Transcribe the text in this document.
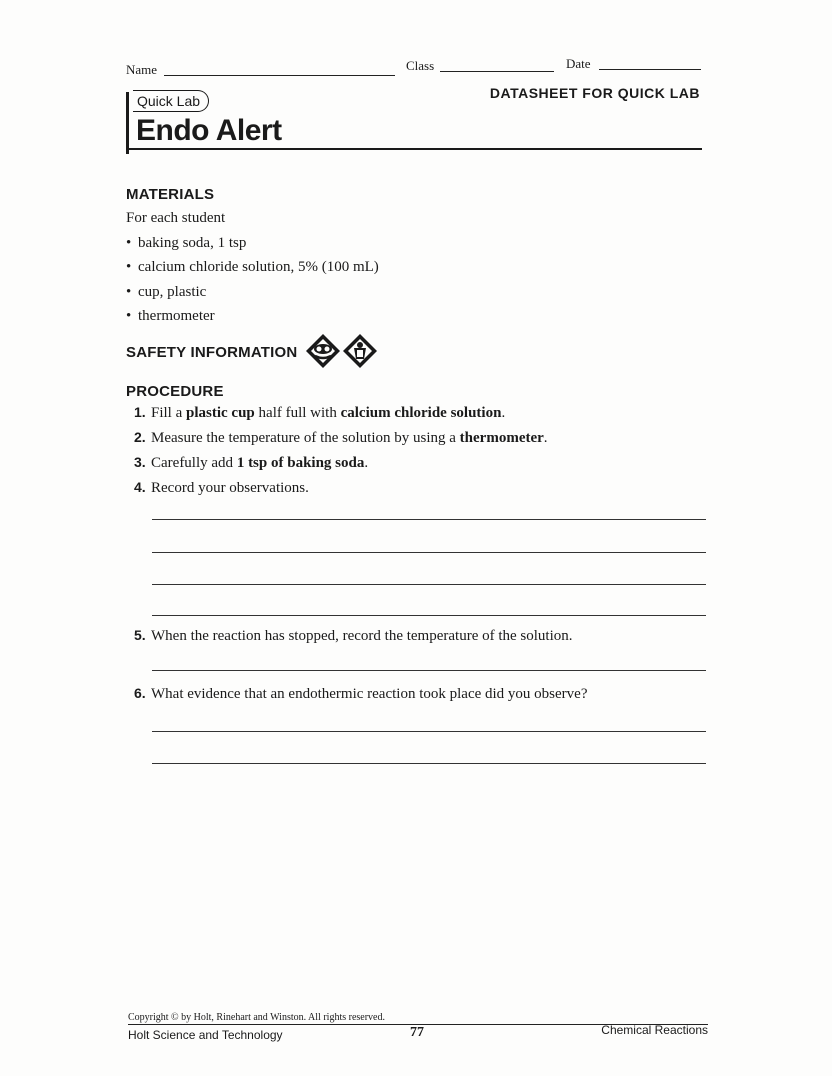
Name	Class	Date
Quick Lab	DATASHEET FOR QUICK LAB
Endo Alert
MATERIALS
For each student
• baking soda, 1 tsp
• calcium chloride solution, 5% (100 mL)
• cup, plastic
• thermometer
SAFETY INFORMATION
PROCEDURE
1. Fill a plastic cup half full with calcium chloride solution.
2. Measure the temperature of the solution by using a thermometer.
3. Carefully add 1 tsp of baking soda.
4. Record your observations.
5. When the reaction has stopped, record the temperature of the solution.
6. What evidence that an endothermic reaction took place did you observe?
Copyright © by Holt, Rinehart and Winston. All rights reserved.
Holt Science and Technology	77	Chemical Reactions
